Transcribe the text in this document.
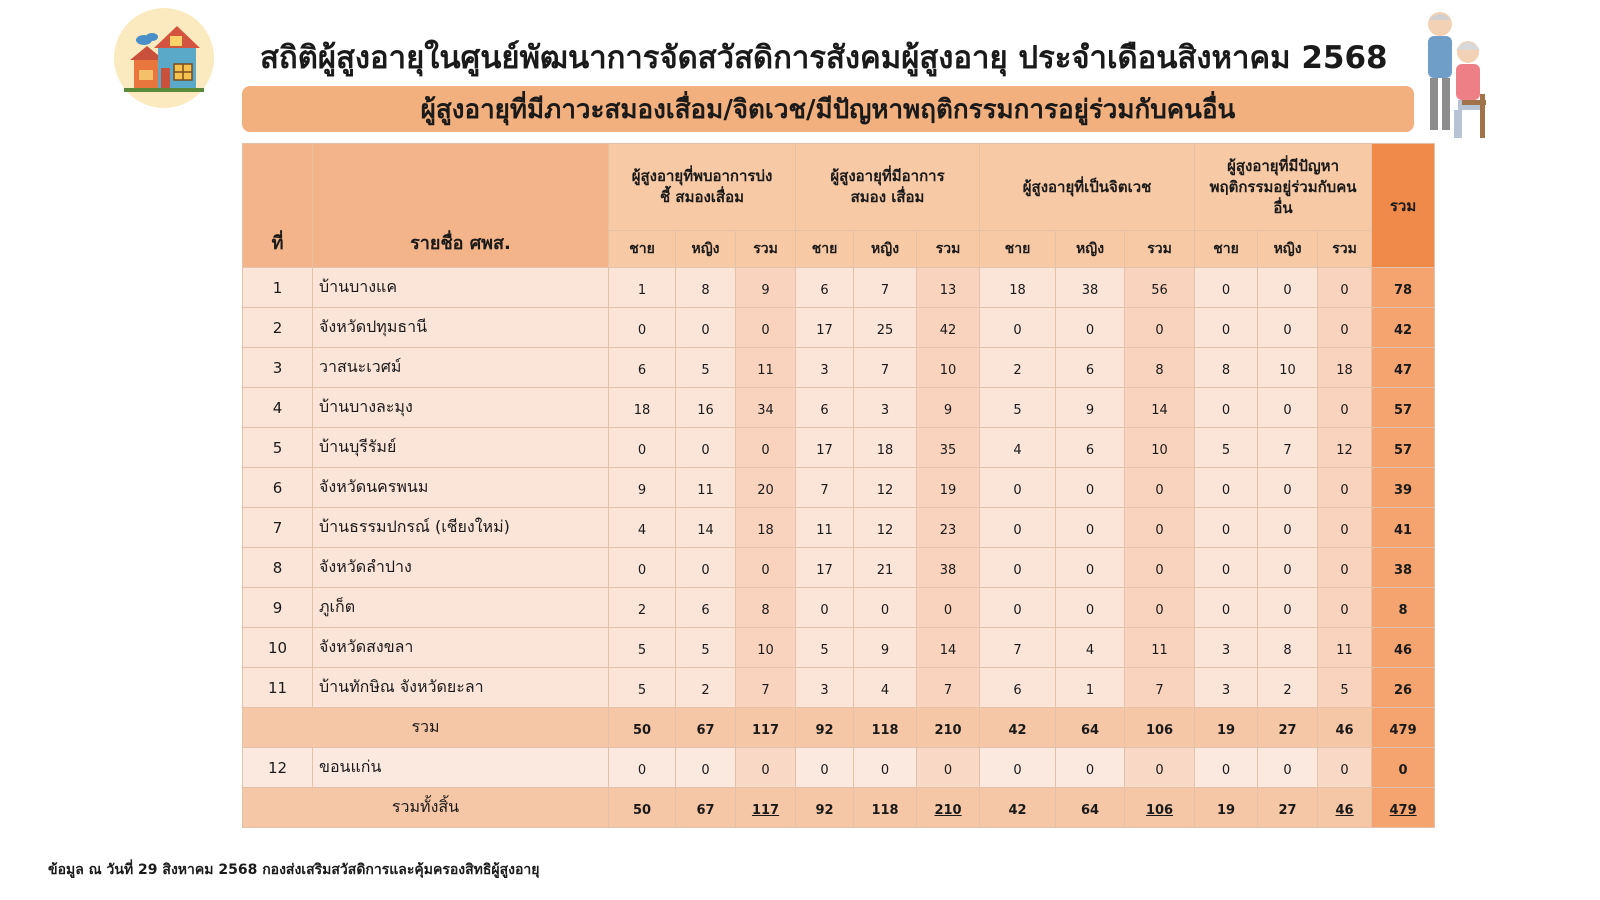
สถิติผู้สูงอายุในศูนย์พัฒนาการจัดสวัสดิการสังคมผู้สูงอายุ ประจำเดือนสิงหาคม 2568
ผู้สูงอายุที่มีภาวะสมองเสื่อม/จิตเวช/มีปัญหาพฤติกรรมการอยู่ร่วมกับคนอื่น
ที่	รายชื่อ ศพส.	ผู้สูงอายุที่พบอาการบ่งชี้ สมองเสื่อม			ผู้สูงอายุที่มีอาการสมอง เสื่อม			ผู้สูงอายุที่เป็นจิตเวช			ผู้สูงอายุที่มีปัญหา พฤติกรรมอยู่ร่วมกับคน อื่น			รวม
		ชาย	หญิง	รวม	ชาย	หญิง	รวม	ชาย	หญิง	รวม	ชาย	หญิง	รวม	
1	บ้านบางแค	1	8	9	6	7	13	18	38	56	0	0	0	78
2	จังหวัดปทุมธานี	0	0	0	17	25	42	0	0	0	0	0	0	42
3	วาสนะเวศม์	6	5	11	3	7	10	2	6	8	8	10	18	47
4	บ้านบางละมุง	18	16	34	6	3	9	5	9	14	0	0	0	57
5	บ้านบุรีรัมย์	0	0	0	17	18	35	4	6	10	5	7	12	57
6	จังหวัดนครพนม	9	11	20	7	12	19	0	0	0	0	0	0	39
7	บ้านธรรมปกรณ์ (เชียงใหม่)	4	14	18	11	12	23	0	0	0	0	0	0	41
8	จังหวัดลำปาง	0	0	0	17	21	38	0	0	0	0	0	0	38
9	ภูเก็ต	2	6	8	0	0	0	0	0	0	0	0	0	8
10	จังหวัดสงขลา	5	5	10	5	9	14	7	4	11	3	8	11	46
11	บ้านทักษิณ จังหวัดยะลา	5	2	7	3	4	7	6	1	7	3	2	5	26
รวม		50	67	117	92	118	210	42	64	106	19	27	46	479
12	ขอนแก่น	0	0	0	0	0	0	0	0	0	0	0	0	0
รวมทั้งสิ้น		50	67	117	92	118	210	42	64	106	19	27	46	479
ข้อมูล ณ วันที่ 29 สิงหาคม 2568 กองส่งเสริมสวัสดิการและคุ้มครองสิทธิผู้สูงอายุ
